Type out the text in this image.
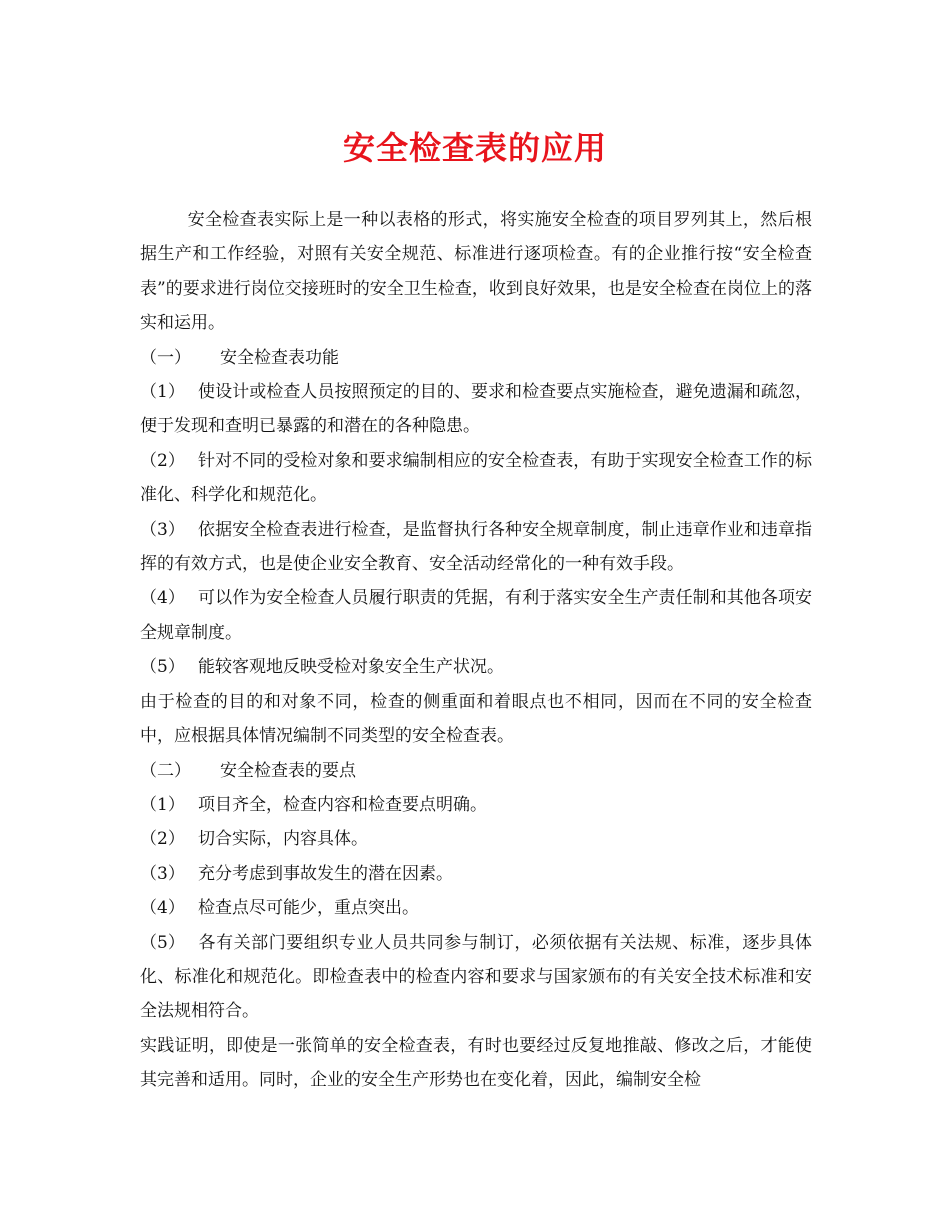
安全检查表的应用

安全检查表实际上是一种以表格的形式，将实施安全检查的项目罗列其上，然后根据生产和工作经验，对照有关安全规范、标准进行逐项检查。有的企业推行按“安全检查表”的要求进行岗位交接班时的安全卫生检查，收到良好效果，也是安全检查在岗位上的落实和运用。

（一） 安全检查表功能

（1） 使设计或检查人员按照预定的目的、要求和检查要点实施检查，避免遗漏和疏忽，便于发现和查明已暴露的和潜在的各种隐患。

（2） 针对不同的受检对象和要求编制相应的安全检查表，有助于实现安全检查工作的标准化、科学化和规范化。

（3） 依据安全检查表进行检查，是监督执行各种安全规章制度，制止违章作业和违章指挥的有效方式，也是使企业安全教育、安全活动经常化的一种有效手段。

（4） 可以作为安全检查人员履行职责的凭据，有利于落实安全生产责任制和其他各项安全规章制度。

（5） 能较客观地反映受检对象安全生产状况。

由于检查的目的和对象不同，检查的侧重面和着眼点也不相同，因而在不同的安全检查中，应根据具体情况编制不同类型的安全检查表。

（二） 安全检查表的要点

（1） 项目齐全，检查内容和检查要点明确。

（2） 切合实际，内容具体。

（3） 充分考虑到事故发生的潜在因素。

（4） 检查点尽可能少，重点突出。

（5） 各有关部门要组织专业人员共同参与制订，必须依据有关法规、标准，逐步具体化、标准化和规范化。即检查表中的检查内容和要求与国家颁布的有关安全技术标准和安全法规相符合。

实践证明，即使是一张简单的安全检查表，有时也要经过反复地推敲、修改之后，才能使其完善和适用。同时，企业的安全生产形势也在变化着，因此，编制安全检
